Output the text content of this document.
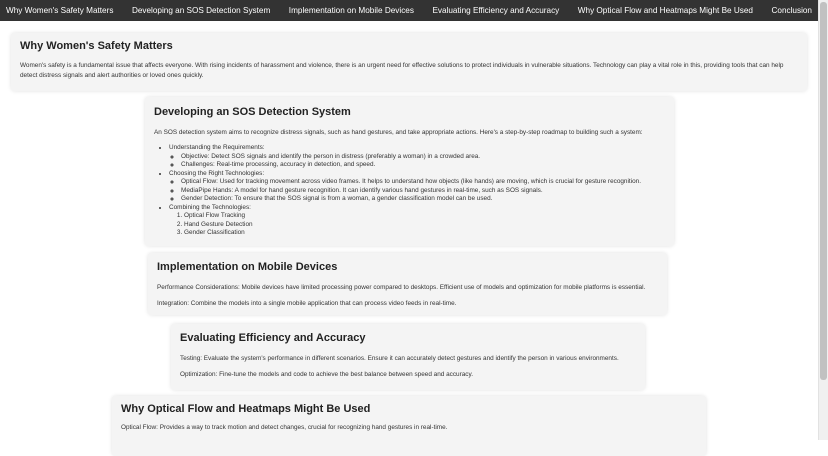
Why Women's Safety Matters Developing an SOS Detection System Implementation on Mobile Devices Evaluating Efficiency and Accuracy Why Optical Flow and Heatmaps Might Be Used Conclusion
Why Women's Safety Matters

Women's safety is a fundamental issue that affects everyone. With rising incidents of harassment and violence, there is an urgent need for effective solutions to protect individuals in vulnerable situations. Technology can play a vital role in this, providing tools that can help detect distress signals and alert authorities or loved ones quickly.

Developing an SOS Detection System

An SOS detection system aims to recognize distress signals, such as hand gestures, and take appropriate actions. Here's a step-by-step roadmap to building such a system:

• Understanding the Requirements:
◦ Objective: Detect SOS signals and identify the person in distress (preferably a woman) in a crowded area.
◦ Challenges: Real-time processing, accuracy in detection, and speed.
• Choosing the Right Technologies:
◦ Optical Flow: Used for tracking movement across video frames. It helps to understand how objects (like hands) are moving, which is crucial for gesture recognition.
◦ MediaPipe Hands: A model for hand gesture recognition. It can identify various hand gestures in real-time, such as SOS signals.
◦ Gender Detection: To ensure that the SOS signal is from a woman, a gender classification model can be used.
• Combining the Technologies:
1. Optical Flow Tracking
2. Hand Gesture Detection
3. Gender Classification
Implementation on Mobile Devices

Performance Considerations: Mobile devices have limited processing power compared to desktops. Efficient use of models and optimization for mobile platforms is essential.

Integration: Combine the models into a single mobile application that can process video feeds in real-time.

Evaluating Efficiency and Accuracy

Testing: Evaluate the system's performance in different scenarios. Ensure it can accurately detect gestures and identify the person in various environments.

Optimization: Fine-tune the models and code to achieve the best balance between speed and accuracy.

Why Optical Flow and Heatmaps Might Be Used

Optical Flow: Provides a way to track motion and detect changes, crucial for recognizing hand gestures in real-time.
